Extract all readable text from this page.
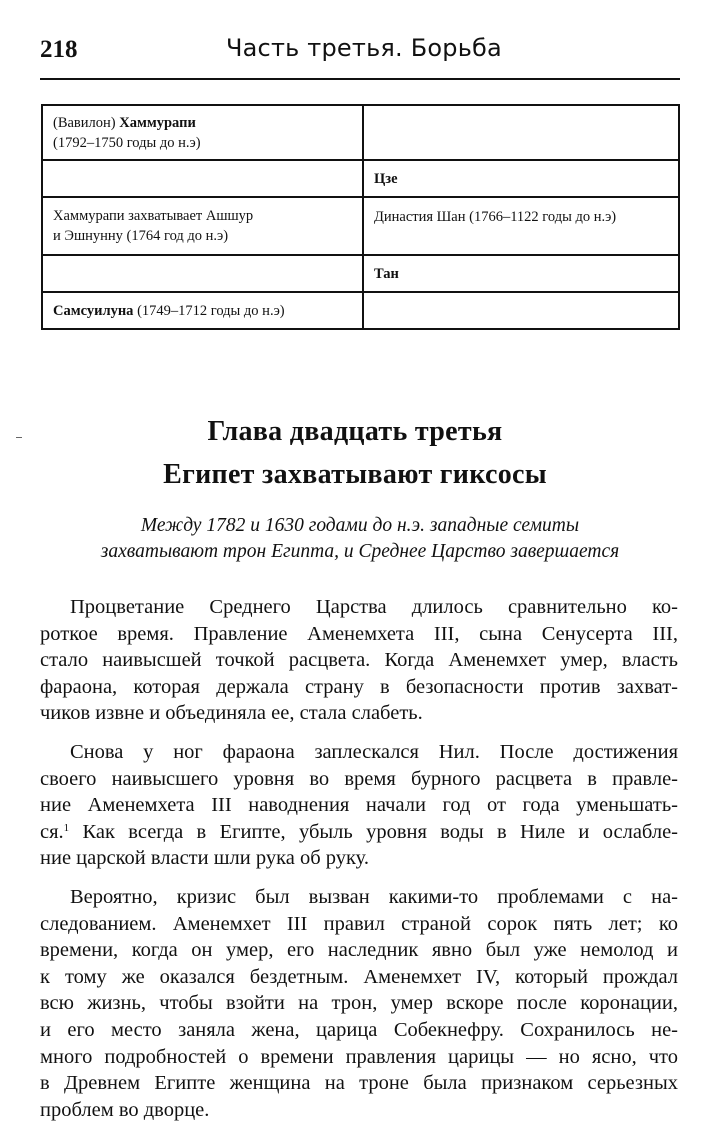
218	Часть третья. Борьба
(Вавилон) Хаммурапи
(1792–1750 годы до н.э)	
	Цзе
Хаммурапи захватывает Ашшур
и Эшнунну (1764 год до н.э)	Династия Шан (1766–1122 годы до н.э)
	Тан
Самсуилуна (1749–1712 годы до н.э)	
Глава двадцать третья
Египет захватывают гиксосы
Между 1782 и 1630 годами до н.э. западные семиты
захватывают трон Египта, и Среднее Царство завершается

Процветание Среднего Царства длилось сравнительно ко-
роткое время. Правление Аменемхета III, сына Сенусерта III,
стало наивысшей точкой расцвета. Когда Аменемхет умер, власть
фараона, которая держала страну в безопасности против захват-
чиков извне и объединяла ее, стала слабеть.

Снова у ног фараона заплескался Нил. После достижения
своего наивысшего уровня во время бурного расцвета в правле-
ние Аменемхета III наводнения начали год от года уменьшать-
ся.$^1$ Как всегда в Египте, убыль уровня воды в Ниле и ослабле-
ние царской власти шли рука об руку.

Вероятно, кризис был вызван какими-то проблемами с на-
следованием. Аменемхет III правил страной сорок пять лет; ко
времени, когда он умер, его наследник явно был уже немолод и
к тому же оказался бездетным. Аменемхет IV, который прождал
всю жизнь, чтобы взойти на трон, умер вскоре после коронации,
и его место заняла жена, царица Собекнефру. Сохранилось не-
много подробностей о времени правления царицы — но ясно, что
в Древнем Египте женщина на троне была признаком серьезных
проблем во дворце.
